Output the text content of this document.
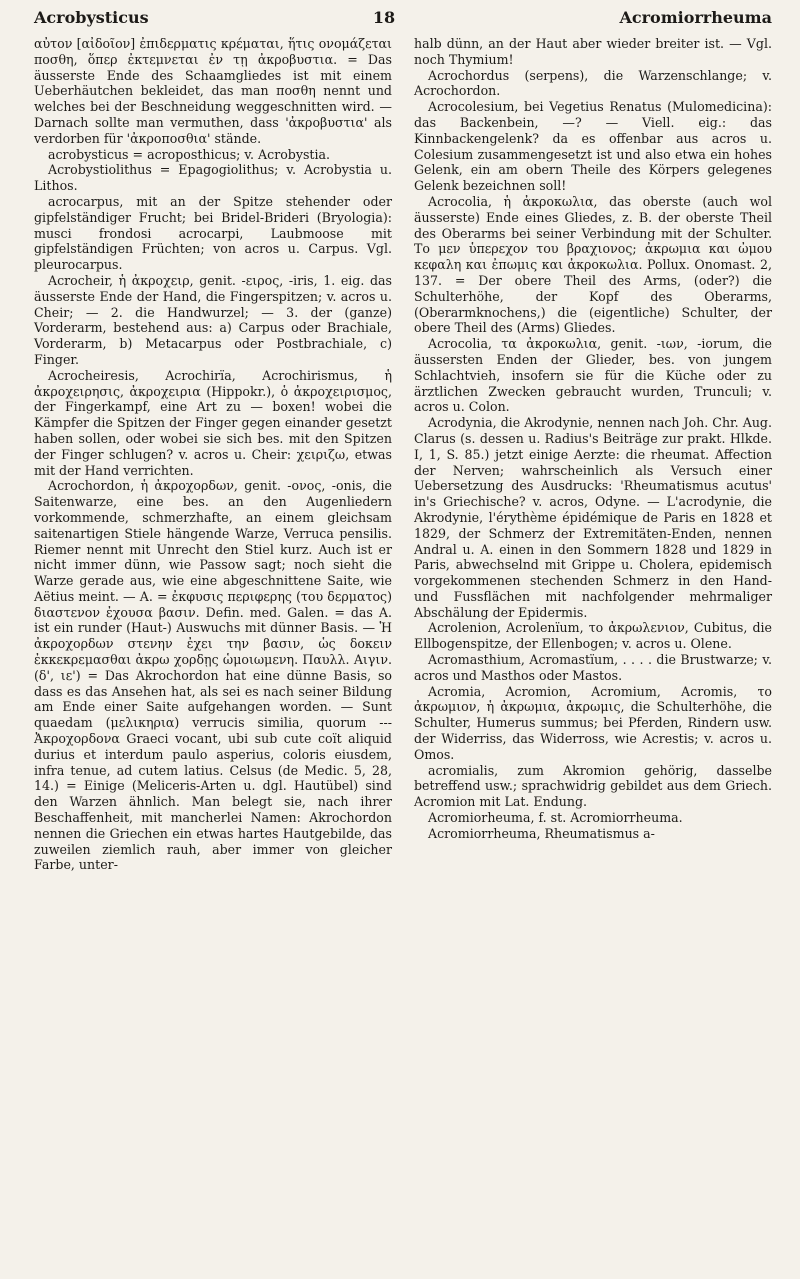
Acrobysticus	18	Acromiorrheuma

αὐτον [αἰδοῖον] ἐπιδερματις κρέμαται, ἥτις ονομάζεται ποσθη, ὅπερ ἐκτεμνεται ἐν τῃ ἀκροβυστια. = Das äusserste Ende des Schaamgliedes ist mit einem Ueberhäutchen bekleidet, das man ποσθη nennt und welches bei der Beschneidung weggeschnitten wird. — Darnach sollte man vermuthen, dass 'ἀκροβυστια' als verdorben für 'ἀκροποσθια' stände.

acrobysticus = acroposthicus; v. Acrobystia.

Acrobystiolithus = Epagogiolithus; v. Acrobystia u. Lithos.

acrocarpus, mit an der Spitze stehender oder gipfelständiger Frucht; bei Bridel-Brideri (Bryologia): musci frondosi acrocarpi, Laubmoose mit gipfelständigen Früchten; von acros u. Carpus. Vgl. pleurocarpus.

Acrocheir, ἡ ἀκροχειρ, genit. -ειρος, -iris, 1. eig. das äusserste Ende der Hand, die Fingerspitzen; v. acros u. Cheir; — 2. die Handwurzel; — 3. der (ganze) Vorderarm, bestehend aus: a) Carpus oder Brachiale, Vorderarm, b) Metacarpus oder Postbrachiale, c) Finger.

Acrocheiresis, Acrochirïa, Acrochirismus, ἡ ἀκροχειρησις, ἀκροχειρια (Hippokr.), ὁ ἀκροχειρισμος, der Fingerkampf, eine Art zu — boxen! wobei die Kämpfer die Spitzen der Finger gegen einander gesetzt haben sollen, oder wobei sie sich bes. mit den Spitzen der Finger schlugen? v. acros u. Cheir: χειριζω, etwas mit der Hand verrichten.

Acrochordon, ἡ ἀκροχορδων, genit. -ονος, -onis, die Saitenwarze, eine bes. an den Augenliedern vorkommende, schmerzhafte, an einem gleichsam saitenartigen Stiele hängende Warze, Verruca pensilis. Riemer nennt mit Unrecht den Stiel kurz. Auch ist er nicht immer dünn, wie Passow sagt; noch sieht die Warze gerade aus, wie eine abgeschnittene Saite, wie Aëtius meint. — A. = ἐκφυσις περιφερης (του δερματος) διαστενον ἐχουσα βασιν. Defin. med. Galen. = das A. ist ein runder (Haut-) Auswuchs mit dünner Basis. — Ἡ ἀκροχορδων στενην ἐχει την βασιν, ὡς δοκειν ἐκκεκρεμασθαι ἀκρω χορδῃς ὡμοιωμενη. Παυλλ. Αιγιν. (δ', ιε') = Das Akrochordon hat eine dünne Basis, so dass es das Ansehen hat, als sei es nach seiner Bildung am Ende einer Saite aufgehangen worden. — Sunt quaedam (μελικηρια) verrucis similia, quorum --- Ἀκροχορδονα Graeci vocant, ubi sub cute coït aliquid durius et interdum paulo asperius, coloris eiusdem, infra tenue, ad cutem latius. Celsus (de Medic. 5, 28, 14.) = Einige (Meliceris-Arten u. dgl. Hautübel) sind den Warzen ähnlich. Man belegt sie, nach ihrer Beschaffenheit, mit mancherlei Namen: Akrochordon nennen die Griechen ein etwas hartes Hautgebilde, das zuweilen ziemlich rauh, aber immer von gleicher Farbe, unter-

halb dünn, an der Haut aber wieder breiter ist. — Vgl. noch Thymium!

Acrochordus (serpens), die Warzenschlange; v. Acrochordon.

Acrocolesium, bei Vegetius Renatus (Mulomedicina): das Backenbein, —? — Viell. eig.: das Kinnbackengelenk? da es offenbar aus acros u. Colesium zusammengesetzt ist und also etwa ein hohes Gelenk, ein am obern Theile des Körpers gelegenes Gelenk bezeichnen soll!

Acrocolia, ἡ ἀκροκωλια, das oberste (auch wol äusserste) Ende eines Gliedes, z. B. der oberste Theil des Oberarms bei seiner Verbindung mit der Schulter. Το μεν ὑπερεχον του βραχιονος; ἀκρωμια και ὠμου κεφαλη και ἐπωμις και ἀκροκωλια. Pollux. Onomast. 2, 137. = Der obere Theil des Arms, (oder?) die Schulterhöhe, der Kopf des Oberarms, (Oberarmknochens,) die (eigentliche) Schulter, der obere Theil des (Arms) Gliedes.

Acrocolia, τα ἀκροκωλια, genit. -ιων, -iorum, die äussersten Enden der Glieder, bes. von jungem Schlachtvieh, insofern sie für die Küche oder zu ärztlichen Zwecken gebraucht wurden, Trunculi; v. acros u. Colon.

Acrodynia, die Akrodynie, nennen nach Joh. Chr. Aug. Clarus (s. dessen u. Radius's Beiträge zur prakt. Hlkde. I, 1, S. 85.) jetzt einige Aerzte: die rheumat. Affection der Nerven; wahrscheinlich als Versuch einer Uebersetzung des Ausdrucks: 'Rheumatismus acutus' in's Griechische? v. acros, Odyne. — L'acrodynie, die Akrodynie, l'érythème épidémique de Paris en 1828 et 1829, der Schmerz der Extremitäten-Enden, nennen Andral u. A. einen in den Sommern 1828 und 1829 in Paris, abwechselnd mit Grippe u. Cholera, epidemisch vorgekommenen stechenden Schmerz in den Hand- und Fussflächen mit nachfolgender mehrmaliger Abschälung der Epidermis.

Acrolenion, Acrolenïum, το ἀκρωλενιον, Cubitus, die Ellbogenspitze, der Ellenbogen; v. acros u. Olene.

Acromasthium, Acromastïum, . . . . die Brustwarze; v. acros und Masthos oder Mastos.

Acromia, Acromion, Acromium, Acromis, το ἀκρωμιον, ἡ ἀκρωμια, ἀκρωμις, die Schulterhöhe, die Schulter, Humerus summus; bei Pferden, Rindern usw. der Widerriss, das Widerross, wie Acrestis; v. acros u. Omos.

acromialis, zum Akromion gehörig, dasselbe betreffend usw.; sprachwidrig gebildet aus dem Griech. Acromion mit Lat. Endung.

Acromiorheuma, f. st. Acromiorrheuma.

Acromiorrheuma, Rheumatismus a-
